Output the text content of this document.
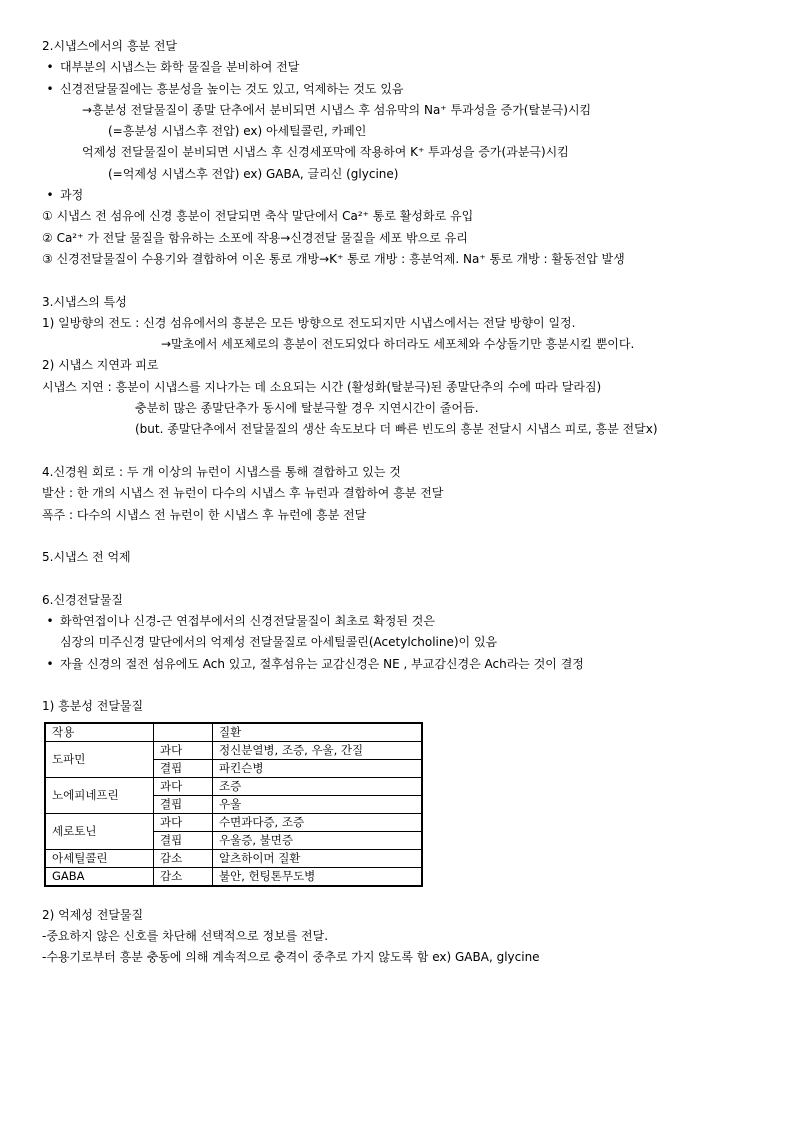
2.시냅스에서의 흥분 전달
• 대부분의 시냅스는 화학 물질을 분비하여 전달
• 신경전달물질에는 흥분성을 높이는 것도 있고, 억제하는 것도 있음
→흥분성 전달물질이 종말 단추에서 분비되면 시냅스 후 섬유막의 Na⁺ 투과성을 증가(탈분극)시킴
(=흥분성 시냅스후 전압) ex) 아세틸콜린, 카페인
억제성 전달물질이 분비되면 시냅스 후 신경세포막에 작용하여 K⁺ 투과성을 증가(과분극)시킴
(=억제성 시냅스후 전압) ex) GABA, 글리신 (glycine)
• 과정
① 시냅스 전 섬유에 신경 흥분이 전달되면 축삭 말단에서 Ca²⁺ 통로 활성화로 유입
② Ca²⁺ 가 전달 물질을 함유하는 소포에 작용→신경전달 물질을 세포 밖으로 유리
③ 신경전달물질이 수용기와 결합하여 이온 통로 개방→K⁺ 통로 개방 : 흥분억제. Na⁺ 통로 개방 : 활동전압 발생
3.시냅스의 특성
1) 일방향의 전도 : 신경 섬유에서의 흥분은 모든 방향으로 전도되지만 시냅스에서는 전달 방향이 일정.
→말초에서 세포체로의 흥분이 전도되었다 하더라도 세포체와 수상돌기만 흥분시킬 뿐이다.
2) 시냅스 지연과 피로
시냅스 지연 : 흥분이 시냅스를 지나가는 데 소요되는 시간 (활성화(탈분극)된 종말단추의 수에 따라 달라짐)
충분히 많은 종말단추가 동시에 탈분극할 경우 지연시간이 줄어듬.
(but. 종말단추에서 전달물질의 생산 속도보다 더 빠른 빈도의 흥분 전달시 시냅스 피로, 흥분 전달x)
4.신경원 회로 : 두 개 이상의 뉴런이 시냅스를 통해 결합하고 있는 것
발산 : 한 개의 시냅스 전 뉴런이 다수의 시냅스 후 뉴런과 결합하여 흥분 전달
폭주 : 다수의 시냅스 전 뉴런이 한 시냅스 후 뉴런에 흥분 전달
5.시냅스 전 억제
6.신경전달물질
• 화학연접이나 신경-근 연접부에서의 신경전달물질이 최초로 확정된 것은
심장의 미주신경 말단에서의 억제성 전달물질로 아세틸콜린(Acetylcholine)이 있음
• 자율 신경의 절전 섬유에도 Ach 있고, 절후섬유는 교감신경은 NE , 부교감신경은 Ach라는 것이 결정
1) 흥분성 전달물질
작용		질환
도파민	과다	정신분열병, 조증, 우울, 간질
	결핍	파킨슨병
노에피네프린	과다	조증
	결핍	우울
세로토닌	과다	수면과다증, 조증
	결핍	우울증, 불면증
아세틸콜린	감소	알츠하이머 질환
GABA	감소	불안, 헌팅톤무도병
2) 억제성 전달물질
-중요하지 않은 신호를 차단해 선택적으로 정보를 전달.
-수용기로부터 흥분 충동에 의해 계속적으로 충격이 중추로 가지 않도록 함 ex) GABA, glycine
